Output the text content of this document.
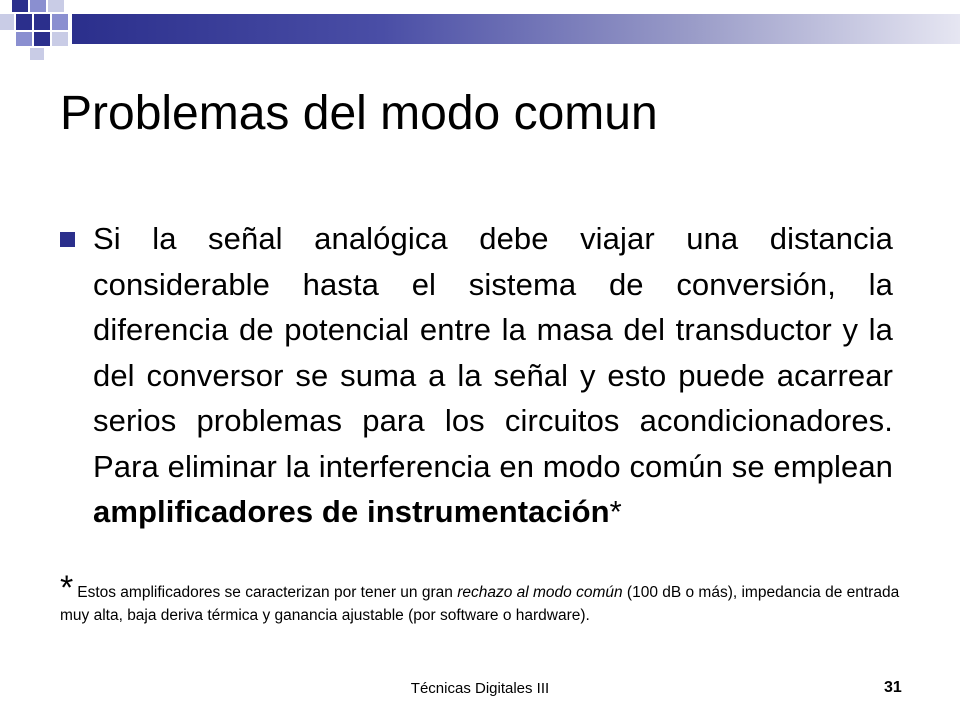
Problemas del modo comun
Si la señal analógica debe viajar una distancia considerable hasta el sistema de conversión, la diferencia de potencial entre la masa del transductor y la del conversor se suma a la señal y esto puede acarrear serios problemas para los circuitos acondicionadores. Para eliminar la interferencia en modo común se emplean amplificadores de instrumentación*
* Estos amplificadores se caracterizan por tener un gran rechazo al modo común (100 dB o más), impedancia de entrada muy alta, baja deriva térmica y ganancia ajustable (por software o hardware).
Técnicas Digitales III	31
